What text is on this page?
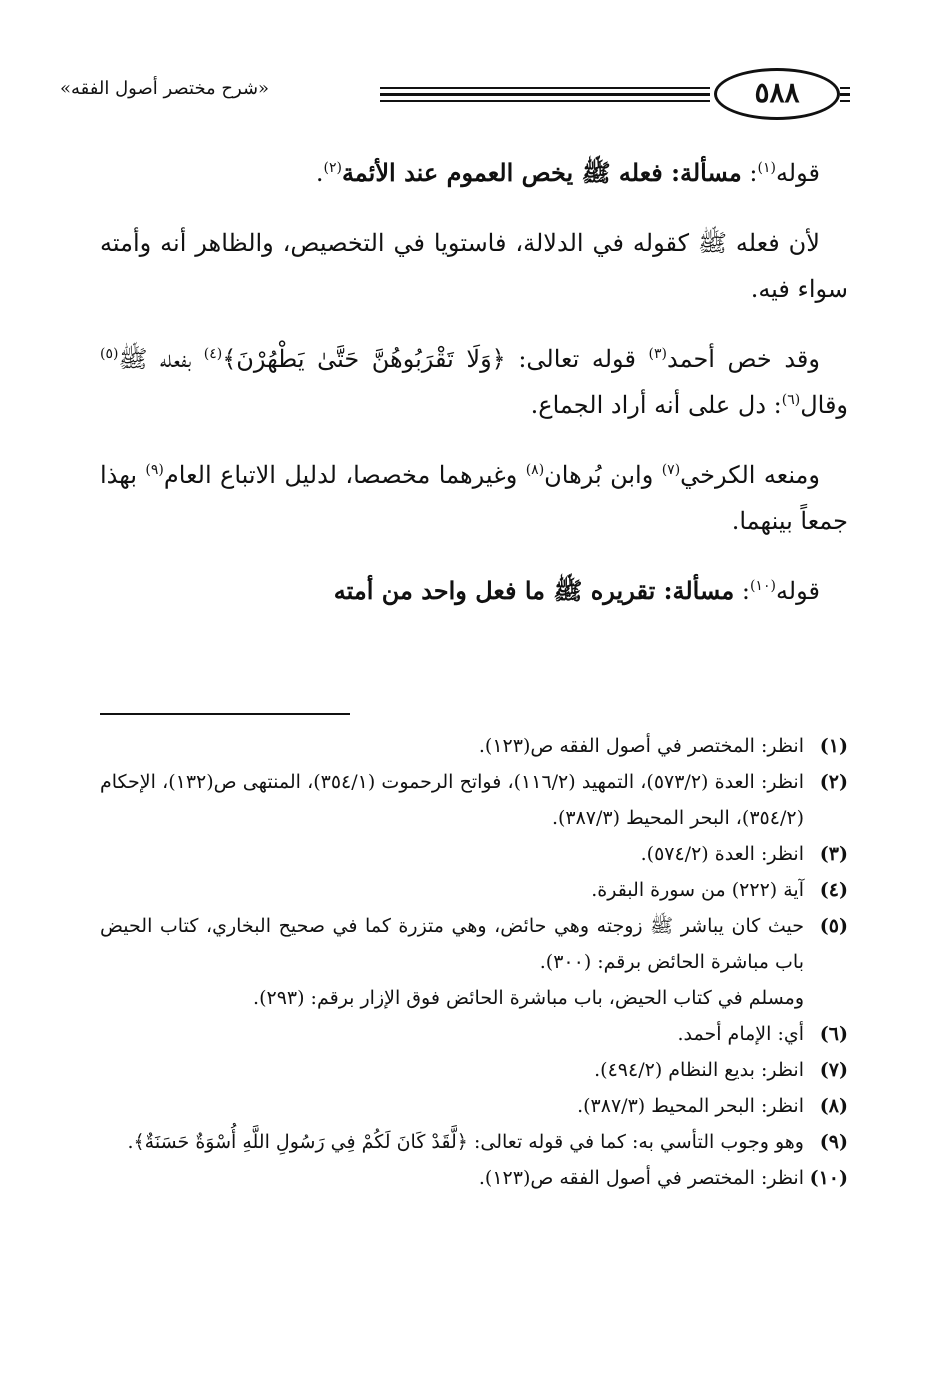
٥٨٨
«شرح مختصر أصول الفقه»

قوله$^{(١)}$: مسألة: فعله ﷺ يخص العموم عند الأئمة$^{(٢)}$.

لأن فعله ﷺ كقوله في الدلالة، فاستويا في التخصيص، والظاهر أنه وأمته سواء فيه.

وقد خص أحمد$^{(٣)}$ قوله تعالى: ﴿وَلَا تَقْرَبُوهُنَّ حَتَّىٰ يَطْهُرْنَ﴾$^{(٤)}$ بفعله ﷺ$^{(٥)}$ وقال$^{(٦)}$: دل على أنه أراد الجماع.

ومنعه الكرخي$^{(٧)}$ وابن بُرهان$^{(٨)}$ وغيرهما مخصصا، لدليل الاتباع العام$^{(٩)}$ بهذا جمعاً بينهما.

قوله$^{(١٠)}$: مسألة: تقريره ﷺ ما فعل واحد من أمته

(١)
انظر: المختصر في أصول الفقه ص(١٢٣).
(٢)
انظر: العدة (٥٧٣/٢)، التمهيد (١١٦/٢)، فواتح الرحموت (٣٥٤/١)، المنتهى ص(١٣٢)، الإحكام (٣٥٤/٢)، البحر المحيط (٣٨٧/٣).
(٣)
انظر: العدة (٥٧٤/٢).
(٤)
آية (٢٢٢) من سورة البقرة.
(٥)
حيث كان يباشر ﷺ زوجته وهي حائض، وهي متزرة كما في صحيح البخاري، كتاب الحيض باب مباشرة الحائض برقم: (٣٠٠).
ومسلم في كتاب الحيض، باب مباشرة الحائض فوق الإزار برقم: (٢٩٣).
(٦)
أي: الإمام أحمد.
(٧)
انظر: بديع النظام (٤٩٤/٢).
(٨)
انظر: البحر المحيط (٣٨٧/٣).
(٩)
وهو وجوب التأسي به: كما في قوله تعالى: ﴿لَّقَدْ كَانَ لَكُمْ فِي رَسُولِ اللَّهِ أُسْوَةٌ حَسَنَةٌ﴾.
(١٠)
انظر: المختصر في أصول الفقه ص(١٢٣).
